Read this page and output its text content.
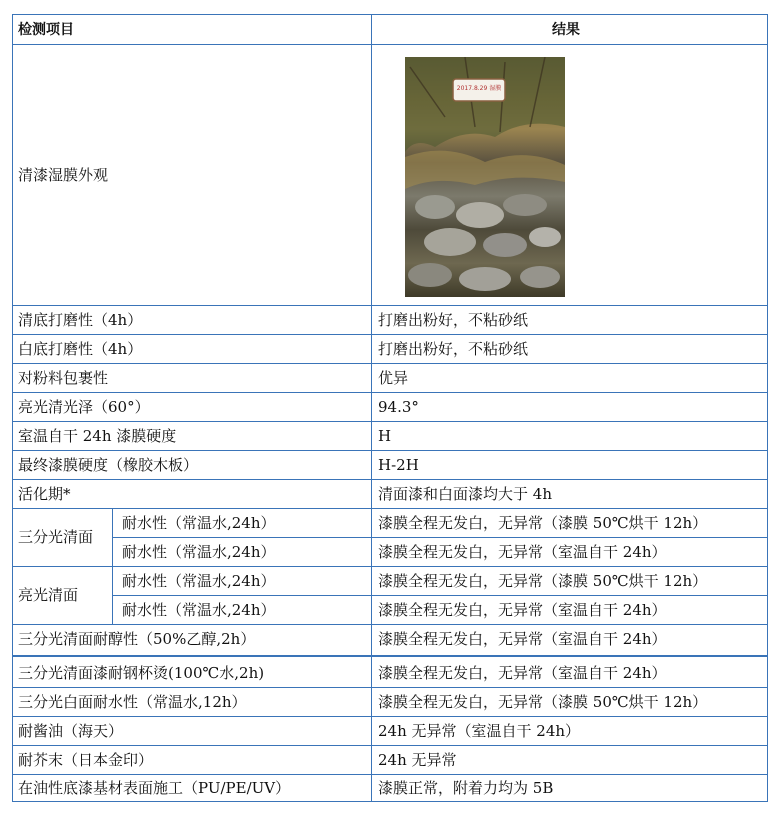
检测项目	结果
清漆湿膜外观
2017.8.29 湿膜
清底打磨性（4h）	打磨出粉好，不粘砂纸
白底打磨性（4h）	打磨出粉好，不粘砂纸
对粉料包裹性	优异
亮光清光泽（60°）	94.3°
室温自干 24h 漆膜硬度	H
最终漆膜硬度（橡胶木板）	H-2H
活化期*	清面漆和白面漆均大于 4h
三分光清面
耐水性（常温水,24h）	漆膜全程无发白，无异常（漆膜 50℃烘干 12h）
耐水性（常温水,24h）	漆膜全程无发白，无异常（室温自干 24h）
亮光清面
耐水性（常温水,24h）	漆膜全程无发白，无异常（漆膜 50℃烘干 12h）
耐水性（常温水,24h）	漆膜全程无发白，无异常（室温自干 24h）
三分光清面耐醇性（50%乙醇,2h）	漆膜全程无发白，无异常（室温自干 24h）
三分光清面漆耐钢杯烫(100℃水,2h)	漆膜全程无发白，无异常（室温自干 24h）
三分光白面耐水性（常温水,12h）	漆膜全程无发白，无异常（漆膜 50℃烘干 12h）
耐酱油（海天）	24h 无异常（室温自干 24h）
耐芥末（日本金印）	24h 无异常
在油性底漆基材表面施工（PU/PE/UV）	漆膜正常，附着力均为 5B
